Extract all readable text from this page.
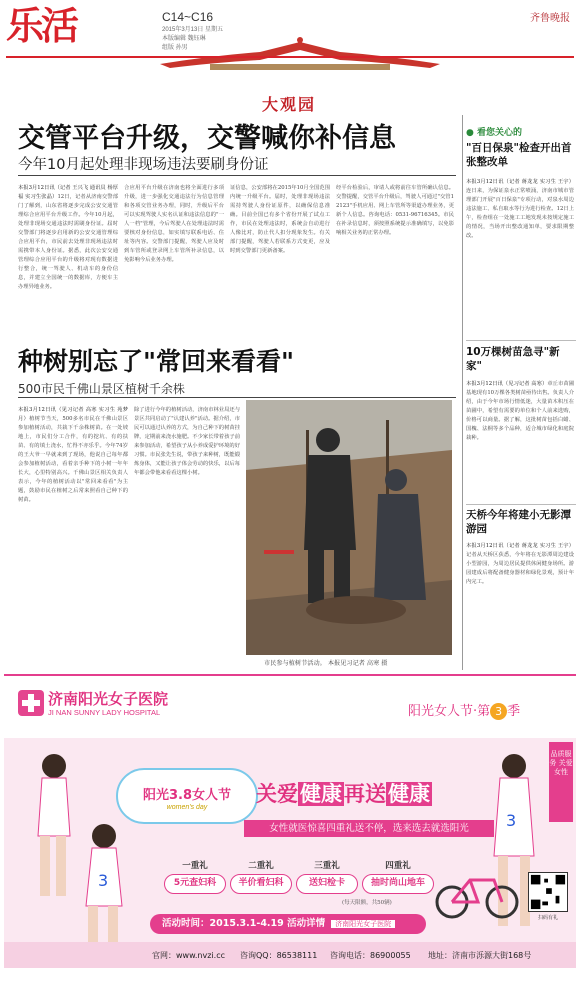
乐活	C14~C16
2015年3月13日 星期五
本版编辑 魏钰琳
组版 孙男
齐鲁晚报
大观园
交管平台升级，交警喊你补信息
今年10月起处理非现场违法要刷身份证
本报3月12日讯（记者 王兴飞 通讯员 杨厚福 实习生张晶）12日，记者从济南交警部门了解到，山东省将逐步完成公安交通管理综合应用平台升级工作。今年10月起，处理非现场交通违法时需刷身份证。届时交警部门将逐步启用新的公安交通管理综合应用平台，市民前去处理非现场违法时需携带本人身份证。据悉，此次公安交通管理综合应用平台的升级将对现有数据进行整合，统一驾驶人、机动车的身份信息，并建立全国统一的数据库，方便车主办理异地业务。
合应用平台升级在济南也将全面进行多项升级，进一步强化交通违法行为信息管理和各项交管业务办理，同时，升级后平台可以实现驾驶人实名认证和违法信息的"一人一档"管理，今后驾驶人在处理违法时需要核对身份信息，如实填写联系电话、住址等内容。交警部门提醒，驾驶人应及时到车管所或登录网上车管所补录信息，以免影响今后业务办理。
证信息，公安部将在2015年10月全国范围内统一升级平台。届时，处理非现场违法需持驾驶人身份证原件，以确保信息准确。目前全国已有多个省份开展了试点工作，市民在处理违法时，系统会自动进行人像比对，防止代人扣分现象发生。有关部门提醒，驾驶人若联系方式变更，应及时到交警部门更新备案。
经平台检验后，审请人或将前往车管所确认信息。交警提醒，交管平台升级后，驾驶人可通过"交管12123"手机应用、网上车管所等渠道办理业务，更新个人信息。咨询电话：0531-96716345。市民在补录信息时，须按照系统提示准确填写，以免影响相关业务的正常办理。
种树别忘了"常回来看看"
500市民千佛山景区植树千余株
本报3月12日讯（见习记者 高寒 实习生 苑梦月）植树节当天，500多名市民在千佛山景区参加植树活动，共栽下千余株树苗。在一处坡地上，市民们分工合作，有的挖坑、有的扶苗、有的填土浇水，忙得不亦乐乎。今年74岁的王大爷一早就来到了现场，他说自己每年都会参加植树活动，看着亲手种下的小树一年年长大，心里特别高兴。千佛山景区相关负责人表示，今年的植树活动以"常回来看看"为主题，鼓励市民在植树之后常来照看自己种下的树苗。
除了进行今年的植树活动，济南市林业局还与景区共同启动了"认建认养"活动。据介绍，市民可以通过认养的方式，为自己种下的树苗挂牌，定期前来浇水施肥。不少家长带着孩子前来参加活动，希望孩子从小养成爱护环境的好习惯。市民张先生说，带孩子来种树，既能锻炼身体，又能让孩子体会劳动的快乐，以后每年都会带他来看看这棵小树。
市民参与植树节活动。 本报见习记者 高寒 摄
● 看您关心的
"百日保泉"检查开出首张整改单
本报3月12日讯（记者 蒋龙龙 实习生 王宇）连日来，为保证泉水正常喷涌，济南市城市管理部门开展"百日保泉"专项行动，对泉水周边违法施工、私自取水等行为进行检查。12日上午，检查组在一处施工工地发现未按规定施工的情况，当场开出整改通知单，要求限期整改。
10万棵树苗急寻"新家"
本报3月12日讯（见习记者 高寒）章丘市苗圃基地现有10万棵各类树苗亟待出售。负责人介绍，由于今年市场行情低迷，大量苗木积压在苗圃中，希望有需要的单位和个人前来选购，价格可以商量。据了解，这批树苗包括白蜡、国槐、法桐等多个品种，适合城市绿化和庭院栽种。
天桥今年将建小无影潭游园
本报3月12日讯（记者 蒋龙龙 实习生 王宇）记者从天桥区获悉，今年将在无影潭周边建设小型游园，为周边居民提供休闲健身场所。游园建成后将配备健身器材和绿化景观，预计年内完工。
济南阳光女子医院
JI NAN SUNNY LADY HOSPITAL	阳光女人节·第 3 季
3
3
品质服务 关爱女性
阳光3.8女人节
women's day
关爱健康再送健康
女性就医惊喜四重礼送不停，选来选去就选阳光
一重礼
5元查妇科
二重礼
半价看妇科
三重礼
送妇检卡
四重礼
抽时尚山地车
(每天限额，共50辆)
活动时间：2015.3.1-4.19 活动详情 济南阳光女子医院
扫码有礼
官网：www.nvzi.cc 咨询QQ：86538111 咨询电话：86900055 地址：济南市泺源大街168号
